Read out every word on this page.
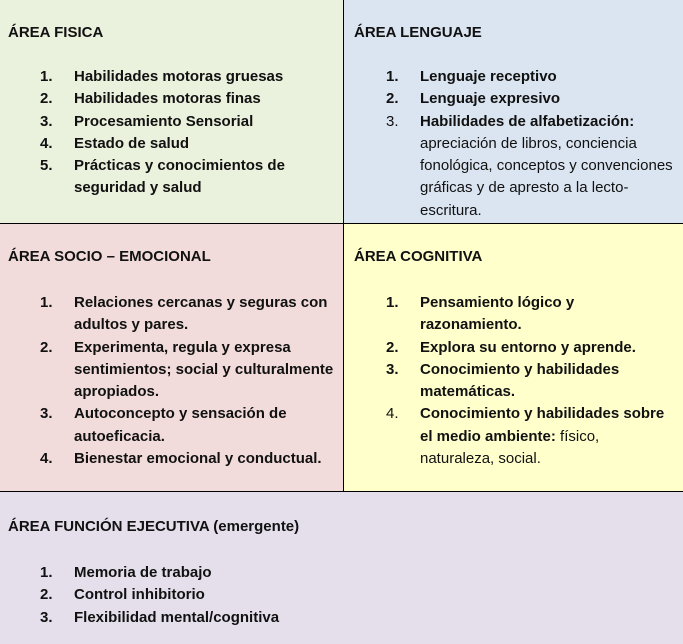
ÁREA FISICA
1.	Habilidades motoras gruesas
2.	Habilidades motoras finas
3.	Procesamiento Sensorial
4.	Estado de salud
5.	Prácticas y conocimientos de seguridad y salud
ÁREA LENGUAJE
1.	Lenguaje receptivo
2.	Lenguaje expresivo
3.	Habilidades de alfabetización: apreciación de libros, conciencia fonológica, conceptos y convenciones gráficas y de apresto a la lecto-escritura.
ÁREA SOCIO – EMOCIONAL
1.	Relaciones cercanas y seguras con adultos y pares.
2.	Experimenta, regula y expresa sentimientos; social y culturalmente apropiados.
3.	Autoconcepto y sensación de autoeficacia.
4.	Bienestar emocional y conductual.
ÁREA COGNITIVA
1.	Pensamiento lógico y razonamiento.
2.	Explora su entorno y aprende.
3.	Conocimiento y habilidades matemáticas.
4.	Conocimiento y habilidades sobre el medio ambiente: físico, naturaleza, social.
ÁREA FUNCIÓN EJECUTIVA (emergente)
1.	Memoria de trabajo
2.	Control inhibitorio
3.	Flexibilidad mental/cognitiva
